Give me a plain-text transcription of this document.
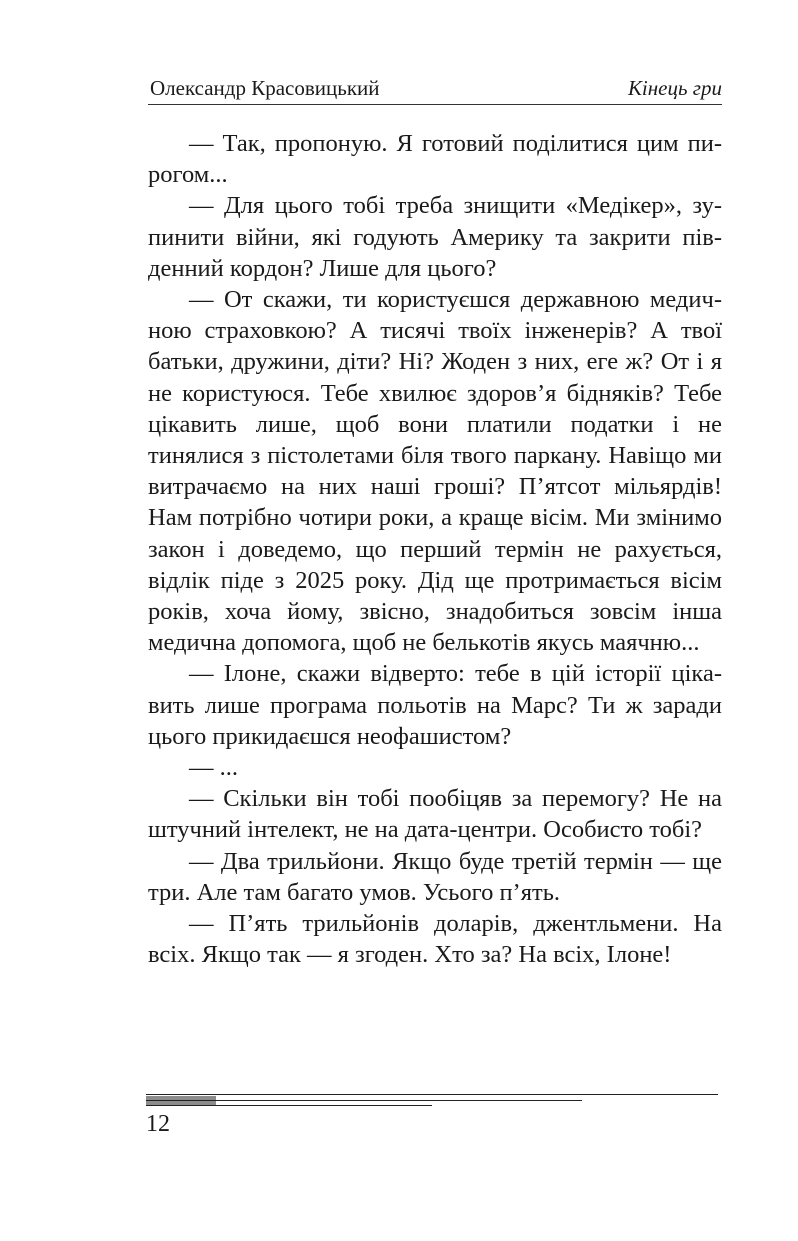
Олександр Красовицький	Кінець гри

— Так, пропоную. Я готовий поділитися цим пирогом...

— Для цього тобі треба знищити «Медікер», зупинити війни, які годують Америку та закрити південний кордон? Лише для цього?

— От скажи, ти користуєшся державною медичною страховкою? А тисячі твоїх інженерів? А твої батьки, дружини, діти? Ні? Жоден з них, еге ж? От і я не користуюся. Тебе хвилює здоров’я бідняків? Тебе цікавить лише, щоб вони платили податки і не тинялися з пістолетами біля твого паркану. Навіщо ми витрачаємо на них наші гроші? П’ятсот мільярдів! Нам потрібно чотири роки, а краще вісім. Ми змінимо закон і доведемо, що перший термін не рахується, відлік піде з 2025 року. Дід ще протримається вісім років, хоча йому, звісно, знадобиться зовсім інша медична допомога, щоб не белькотів якусь маячню...

— Ілоне, скажи відверто: тебе в цій історії цікавить лише програма польотів на Марс? Ти ж заради цього прикидаєшся неофашистом?

— ...

— Скільки він тобі пообіцяв за перемогу? Не на штучний інтелект, не на дата-центри. Особисто тобі?

— Два трильйони. Якщо буде третій термін — ще три. Але там багато умов. Усього п’ять.

— П’ять трильйонів доларів, джентльмени. На всіх. Якщо так — я згоден. Хто за? На всіх, Ілоне!

12
